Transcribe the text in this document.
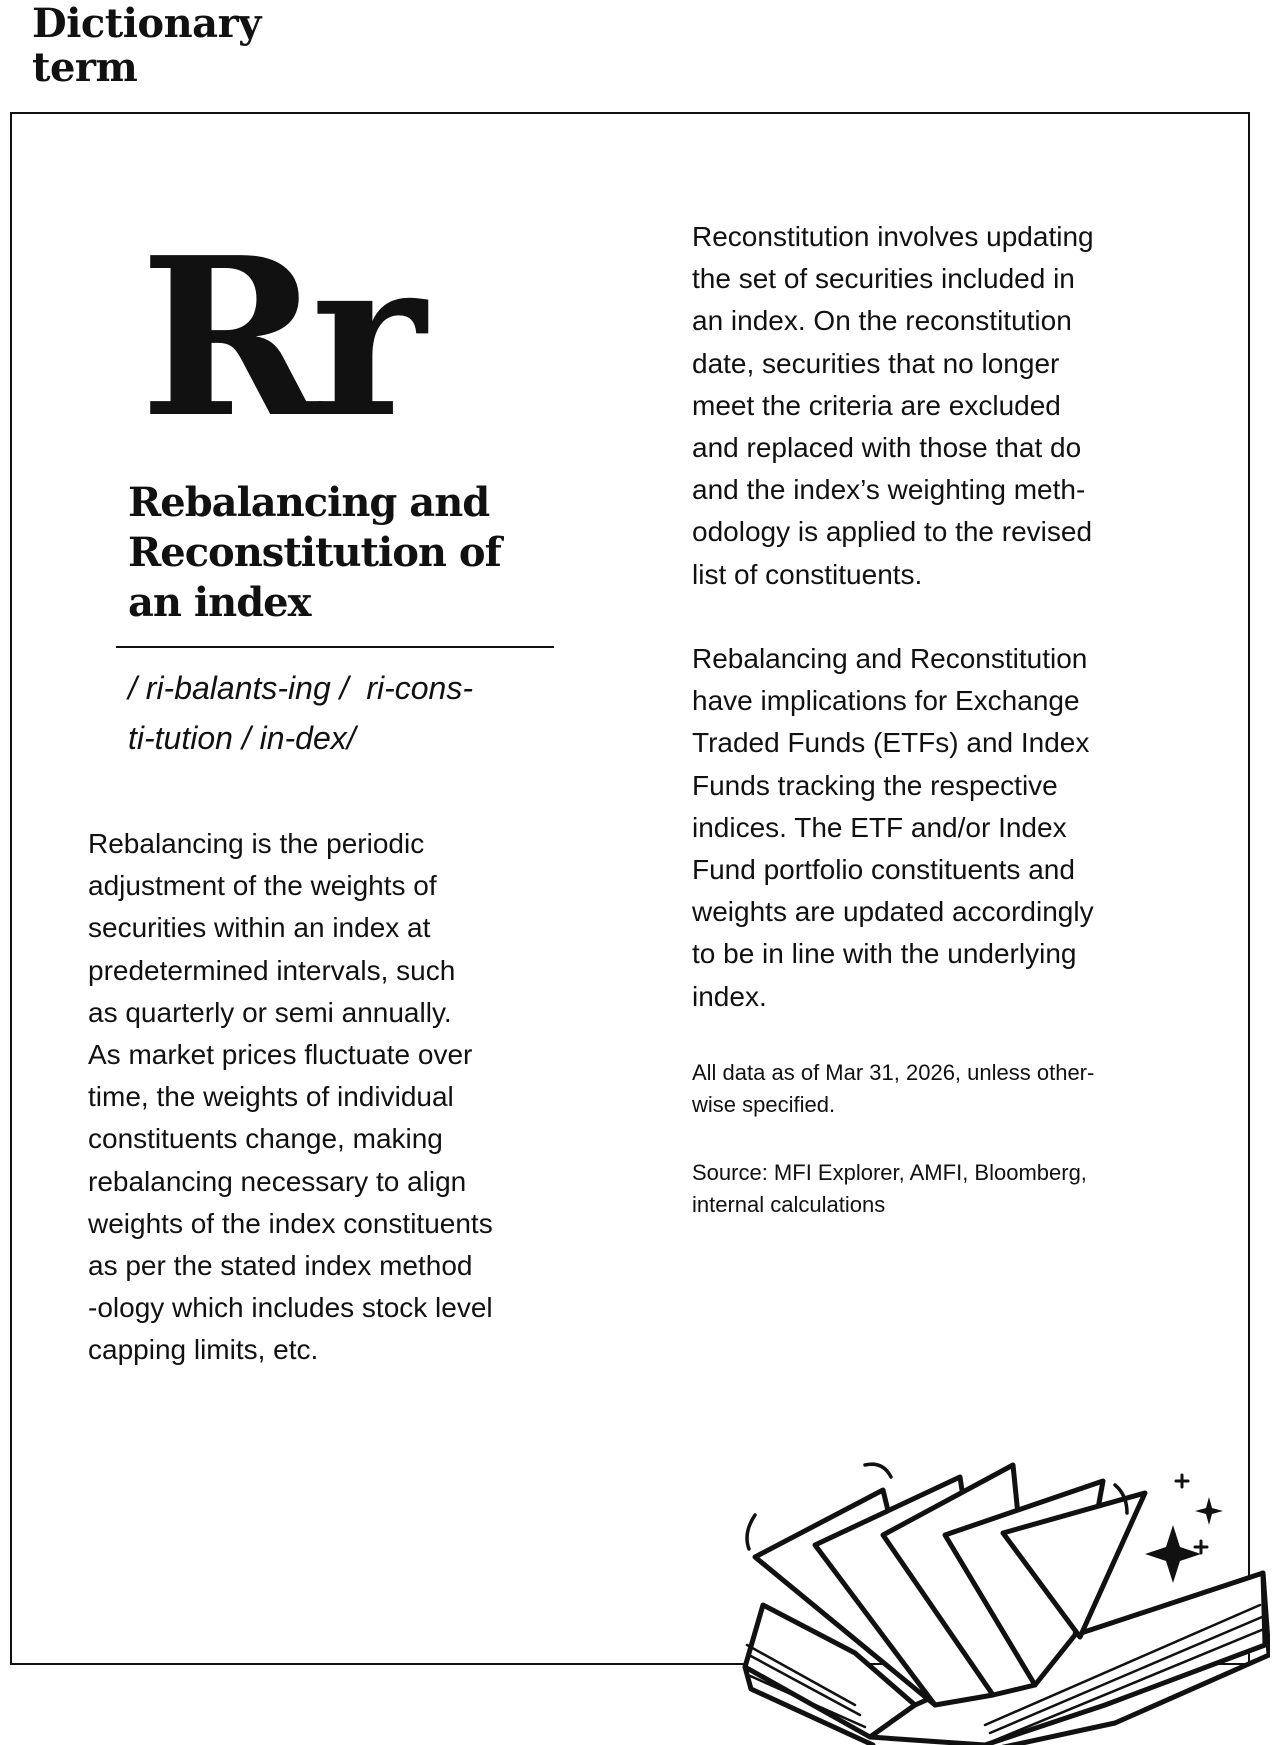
Dictionary
term
Rr
Rebalancing and
Reconstitution of
an index
/ ri-balants-ing /  ri-cons-
ti-tution / in-dex/
Rebalancing is the periodic
adjustment of the weights of
securities within an index at
predetermined intervals, such
as quarterly or semi annually.
As market prices fluctuate over
time, the weights of individual
constituents change, making
rebalancing necessary to align
weights of the index constituents
as per the stated index method
-ology which includes stock level
capping limits, etc.
Reconstitution involves updating
the set of securities included in
an index. On the reconstitution
date, securities that no longer
meet the criteria are excluded
and replaced with those that do
and the index’s weighting meth-
odology is applied to the revised
list of constituents.
Rebalancing and Reconstitution
have implications for Exchange
Traded Funds (ETFs) and Index
Funds tracking the respective
indices. The ETF and/or Index
Fund portfolio constituents and
weights are updated accordingly
to be in line with the underlying
index.
All data as of Mar 31, 2026, unless other-
wise specified.
Source: MFI Explorer, AMFI, Bloomberg,
internal calculations
